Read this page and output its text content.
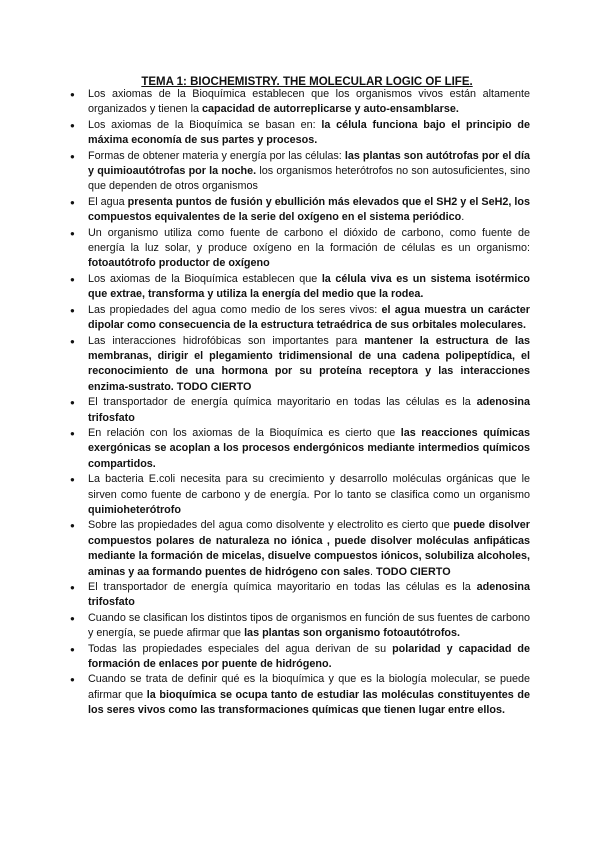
TEMA 1: BIOCHEMISTRY. THE MOLECULAR LOGIC OF LIFE.

● Los axiomas de la Bioquímica establecen que los organismos vivos están altamente organizados y tienen la capacidad de autorreplicarse y auto-ensamblarse.
● Los axiomas de la Bioquímica se basan en: la célula funciona bajo el principio de máxima economía de sus partes y procesos.
● Formas de obtener materia y energía por las células: las plantas son autótrofas por el día y quimioautótrofas por la noche. los organismos heterótrofos no son autosuficientes, sino que dependen de otros organismos
● El agua presenta puntos de fusión y ebullición más elevados que el SH2 y el SeH2, los compuestos equivalentes de la serie del oxígeno en el sistema periódico.
● Un organismo utiliza como fuente de carbono el dióxido de carbono, como fuente de energía la luz solar, y produce oxígeno en la formación de células es un organismo: fotoautótrofo productor de oxígeno
● Los axiomas de la Bioquímica establecen que la célula viva es un sistema isotérmico que extrae, transforma y utiliza la energía del medio que la rodea.
● Las propiedades del agua como medio de los seres vivos: el agua muestra un carácter dipolar como consecuencia de la estructura tetraédrica de sus orbitales moleculares.
● Las interacciones hidrofóbicas son importantes para mantener la estructura de las membranas, dirigir el plegamiento tridimensional de una cadena polipeptídica, el reconocimiento de una hormona por su proteína receptora y las interacciones enzima-sustrato. TODO CIERTO
● El transportador de energía química mayoritario en todas las células es la adenosina trifosfato
● En relación con los axiomas de la Bioquímica es cierto que las reacciones químicas exergónicas se acoplan a los procesos endergónicos mediante intermedios químicos compartidos.
● La bacteria E.coli necesita para su crecimiento y desarrollo moléculas orgánicas que le sirven como fuente de carbono y de energía. Por lo tanto se clasifica como un organismo quimioheterótrofo
● Sobre las propiedades del agua como disolvente y electrolito es cierto que puede disolver compuestos polares de naturaleza no iónica , puede disolver moléculas anfipáticas mediante la formación de micelas, disuelve compuestos iónicos, solubiliza alcoholes, aminas y aa formando puentes de hidrógeno con sales. TODO CIERTO
● El transportador de energía química mayoritario en todas las células es la adenosina trifosfato
● Cuando se clasifican los distintos tipos de organismos en función de sus fuentes de carbono y energía, se puede afirmar que las plantas son organismo fotoautótrofos.
● Todas las propiedades especiales del agua derivan de su polaridad y capacidad de formación de enlaces por puente de hidrógeno.
● Cuando se trata de definir qué es la bioquímica y que es la biología molecular, se puede afirmar que la bioquímica se ocupa tanto de estudiar las moléculas constituyentes de los seres vivos como las transformaciones químicas que tienen lugar entre ellos.
